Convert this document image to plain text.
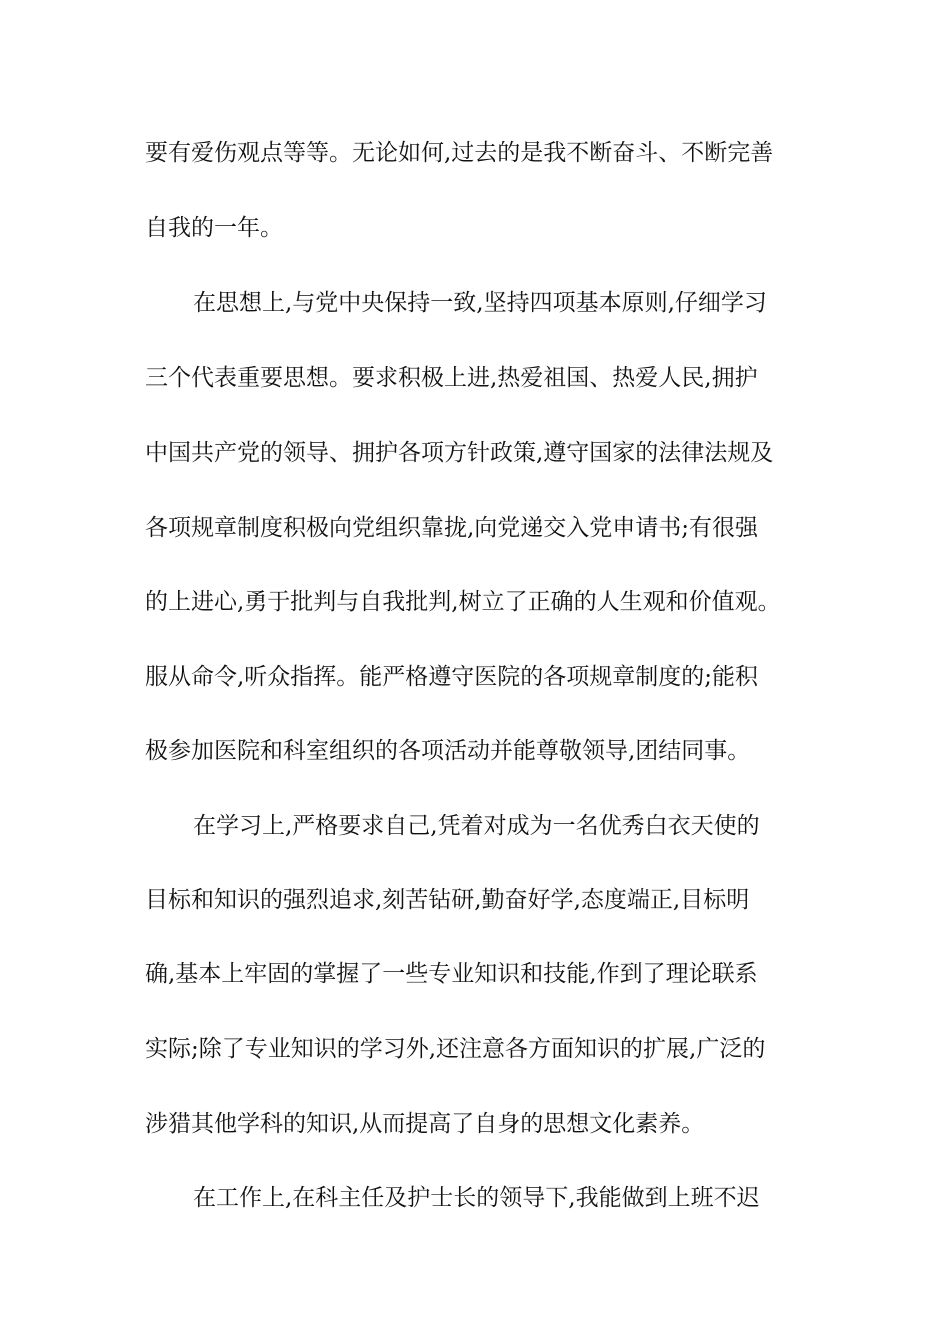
要有爱伤观点等等。无论如何,过去的是我不断奋斗、不断完善
自我的一年。
在思想上,与党中央保持一致,坚持四项基本原则,仔细学习
三个代表重要思想。要求积极上进,热爱祖国、热爱人民,拥护
中国共产党的领导、拥护各项方针政策,遵守国家的法律法规及
各项规章制度积极向党组织靠拢,向党递交入党申请书;有很强
的上进心,勇于批判与自我批判,树立了正确的人生观和价值观。
服从命令,听众指挥。能严格遵守医院的各项规章制度的;能积
极参加医院和科室组织的各项活动并能尊敬领导,团结同事。
在学习上,严格要求自己,凭着对成为一名优秀白衣天使的
目标和知识的强烈追求,刻苦钻研,勤奋好学,态度端正,目标明
确,基本上牢固的掌握了一些专业知识和技能,作到了理论联系
实际;除了专业知识的学习外,还注意各方面知识的扩展,广泛的
涉猎其他学科的知识,从而提高了自身的思想文化素养。
在工作上,在科主任及护士长的领导下,我能做到上班不迟
